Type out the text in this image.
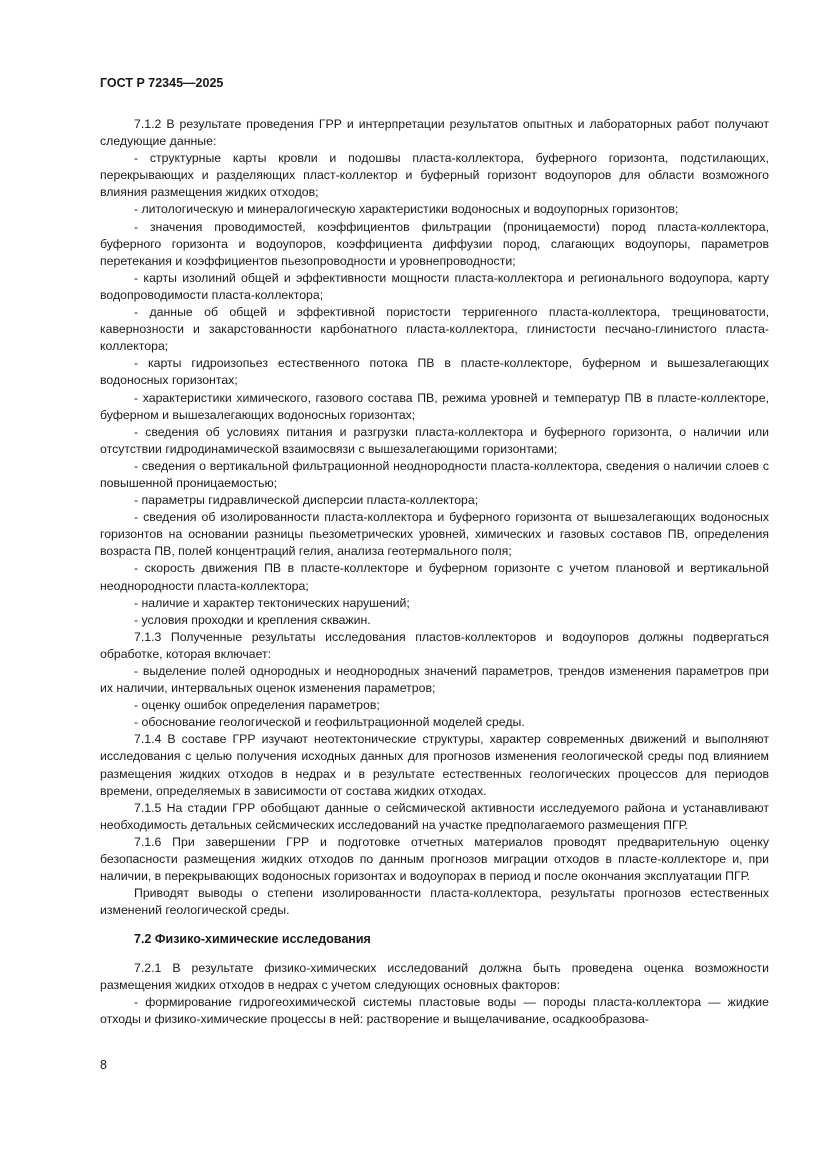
ГОСТ Р 72345—2025

7.1.2 В результате проведения ГРР и интерпретации результатов опытных и лабораторных работ получают следующие данные:

- структурные карты кровли и подошвы пласта-коллектора, буферного горизонта, подстилающих, перекрывающих и разделяющих пласт-коллектор и буферный горизонт водоупоров для области возможного влияния размещения жидких отходов;

- литологическую и минералогическую характеристики водоносных и водоупорных горизонтов;

- значения проводимостей, коэффициентов фильтрации (проницаемости) пород пласта-коллектора, буферного горизонта и водоупоров, коэффициента диффузии пород, слагающих водоупоры, параметров перетекания и коэффициентов пьезопроводности и уровнепроводности;

- карты изолиний общей и эффективности мощности пласта-коллектора и регионального водоупора, карту водопроводимости пласта-коллектора;

- данные об общей и эффективной пористости терригенного пласта-коллектора, трещиноватости, кавернозности и закарстованности карбонатного пласта-коллектора, глинистости песчано-глинистого пласта-коллектора;

- карты гидроизопьез естественного потока ПВ в пласте-коллекторе, буферном и вышезалегающих водоносных горизонтах;

- характеристики химического, газового состава ПВ, режима уровней и температур ПВ в пласте-коллекторе, буферном и вышезалегающих водоносных горизонтах;

- сведения об условиях питания и разгрузки пласта-коллектора и буферного горизонта, о наличии или отсутствии гидродинамической взаимосвязи с вышезалегающими горизонтами;

- сведения о вертикальной фильтрационной неоднородности пласта-коллектора, сведения о наличии слоев с повышенной проницаемостью;

- параметры гидравлической дисперсии пласта-коллектора;

- сведения об изолированности пласта-коллектора и буферного горизонта от вышезалегающих водоносных горизонтов на основании разницы пьезометрических уровней, химических и газовых составов ПВ, определения возраста ПВ, полей концентраций гелия, анализа геотермального поля;

- скорость движения ПВ в пласте-коллекторе и буферном горизонте с учетом плановой и вертикальной неоднородности пласта-коллектора;

- наличие и характер тектонических нарушений;

- условия проходки и крепления скважин.

7.1.3 Полученные результаты исследования пластов-коллекторов и водоупоров должны подвергаться обработке, которая включает:

- выделение полей однородных и неоднородных значений параметров, трендов изменения параметров при их наличии, интервальных оценок изменения параметров;

- оценку ошибок определения параметров;

- обоснование геологической и геофильтрационной моделей среды.

7.1.4 В составе ГРР изучают неотектонические структуры, характер современных движений и выполняют исследования с целью получения исходных данных для прогнозов изменения геологической среды под влиянием размещения жидких отходов в недрах и в результате естественных геологических процессов для периодов времени, определяемых в зависимости от состава жидких отходах.

7.1.5 На стадии ГРР обобщают данные о сейсмической активности исследуемого района и устанавливают необходимость детальных сейсмических исследований на участке предполагаемого размещения ПГР.

7.1.6 При завершении ГРР и подготовке отчетных материалов проводят предварительную оценку безопасности размещения жидких отходов по данным прогнозов миграции отходов в пласте-коллекторе и, при наличии, в перекрывающих водоносных горизонтах и водоупорах в период и после окончания эксплуатации ПГР.

Приводят выводы о степени изолированности пласта-коллектора, результаты прогнозов естественных изменений геологической среды.

7.2 Физико-химические исследования

7.2.1 В результате физико-химических исследований должна быть проведена оценка возможности размещения жидких отходов в недрах с учетом следующих основных факторов:

- формирование гидрогеохимической системы пластовые воды — породы пласта-коллектора — жидкие отходы и физико-химические процессы в ней: растворение и выщелачивание, осадкообразова-

8
